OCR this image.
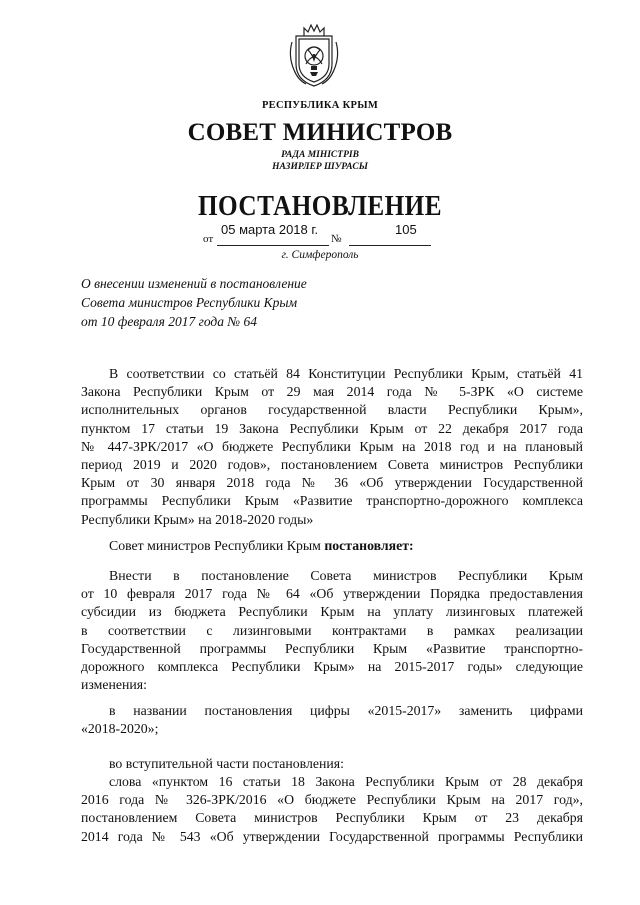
РЕСПУБЛИКА КРЫМ
СОВЕТ МИНИСТРОВ
РАДА МІНІСТРІВ
НАЗИРЛЕР ШУРАСЫ
ПОСТАНОВЛЕНИЕ
от
05 марта 2018 г.
№
105
г. Симферополь
О внесении изменений в постановление
Совета министров Республики Крым
от 10 февраля 2017 года № 64
В соответствии со статьёй 84 Конституции Республики Крым, статьёй 41
Закона Республики Крым от 29 мая 2014 года № 5-ЗРК «О системе
исполнительных органов государственной власти Республики Крым»,
пунктом 17 статьи 19 Закона Республики Крым от 22 декабря 2017 года
№ 447-ЗРК/2017 «О бюджете Республики Крым на 2018 год и на плановый
период 2019 и 2020 годов», постановлением Совета министров Республики
Крым от 30 января 2018 года № 36 «Об утверждении Государственной
программы Республики Крым «Развитие транспортно-дорожного комплекса
Республики Крым» на 2018-2020 годы»
Совет министров Республики Крым постановляет:
Внести в постановление Совета министров Республики Крым
от 10 февраля 2017 года № 64 «Об утверждении Порядка предоставления
субсидии из бюджета Республики Крым на уплату лизинговых платежей
в соответствии с лизинговыми контрактами в рамках реализации
Государственной программы Республики Крым «Развитие транспортно-
дорожного комплекса Республики Крым» на 2015-2017 годы» следующие
изменения:
в названии постановления цифры «2015-2017» заменить цифрами
«2018-2020»;
во вступительной части постановления:
слова «пунктом 16 статьи 18 Закона Республики Крым от 28 декабря
2016 года № 326-ЗРК/2016 «О бюджете Республики Крым на 2017 год»,
постановлением Совета министров Республики Крым от 23 декабря
2014 года № 543 «Об утверждении Государственной программы Республики
